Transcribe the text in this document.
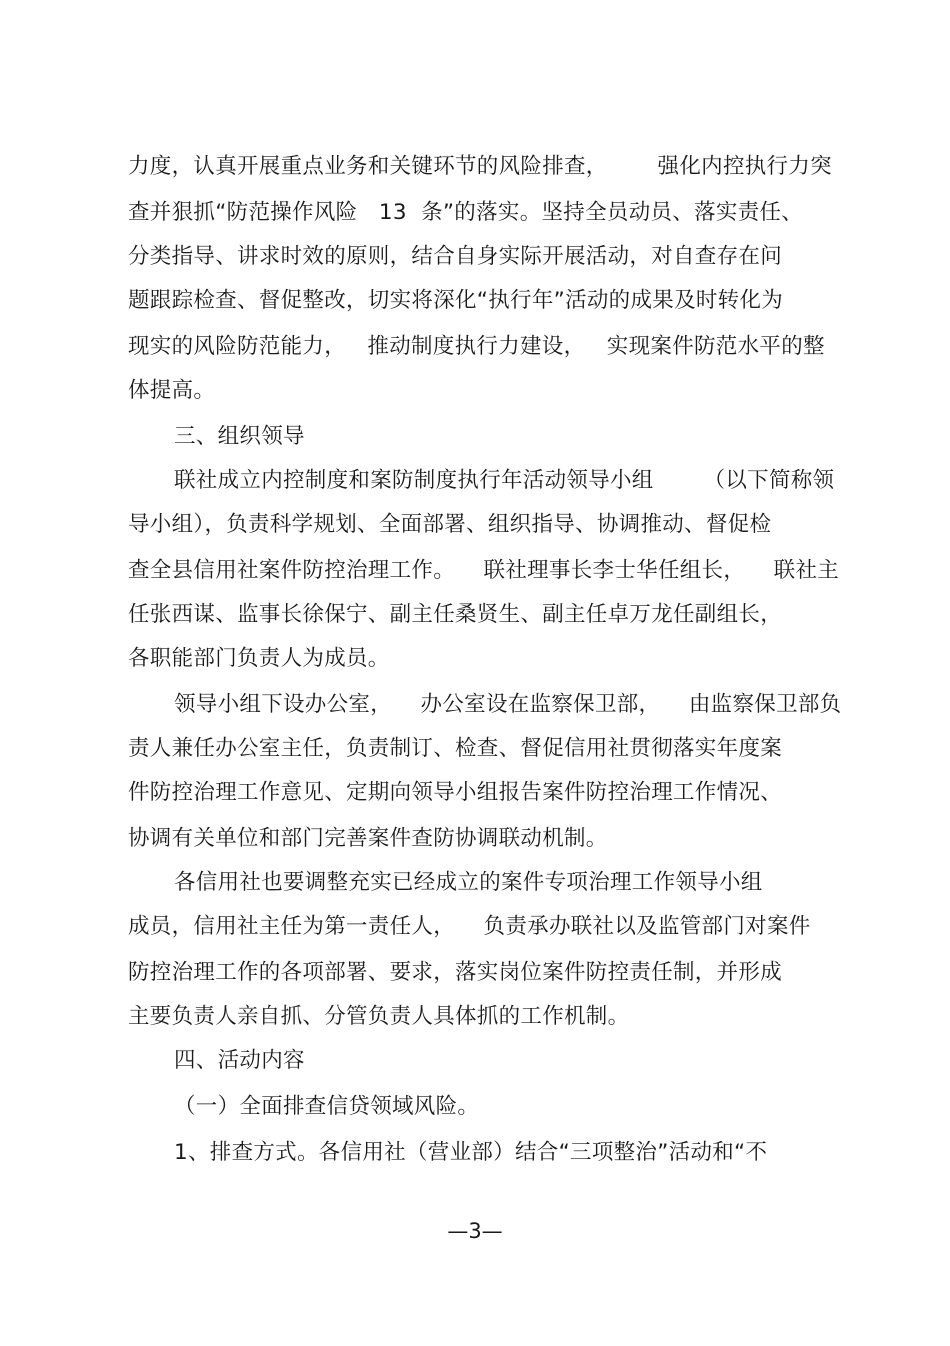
力度，认真开展重点业务和关键环节的风险排查，       强化内控执行力突
查并狠抓“防范操作风险   13  条”的落实。坚持全员动员、落实责任、
分类指导、讲求时效的原则，结合自身实际开展活动，对自查存在问
题跟踪检查、督促整改，切实将深化“执行年”活动的成果及时转化为
现实的风险防范能力，   推动制度执行力建设，   实现案件防范水平的整
体提高。
三、组织领导
联社成立内控制度和案防制度执行年活动领导小组       （以下简称领
导小组），负责科学规划、全面部署、组织指导、协调推动、督促检
查全县信用社案件防控治理工作。    联社理事长李士华任组长，    联社主
任张西谋、监事长徐保宁、副主任桑贤生、副主任卓万龙任副组长，
各职能部门负责人为成员。
领导小组下设办公室，    办公室设在监察保卫部，    由监察保卫部负
责人兼任办公室主任，负责制订、检查、督促信用社贯彻落实年度案
件防控治理工作意见、定期向领导小组报告案件防控治理工作情况、
协调有关单位和部门完善案件查防协调联动机制。
各信用社也要调整充实已经成立的案件专项治理工作领导小组
成员，信用社主任为第一责任人，    负责承办联社以及监管部门对案件
防控治理工作的各项部署、要求，落实岗位案件防控责任制，并形成
主要负责人亲自抓、分管负责人具体抓的工作机制。
四、活动内容
（一）全面排查信贷领域风险。
1、排查方式。各信用社（营业部）结合“三项整治”活动和“不
—3—
